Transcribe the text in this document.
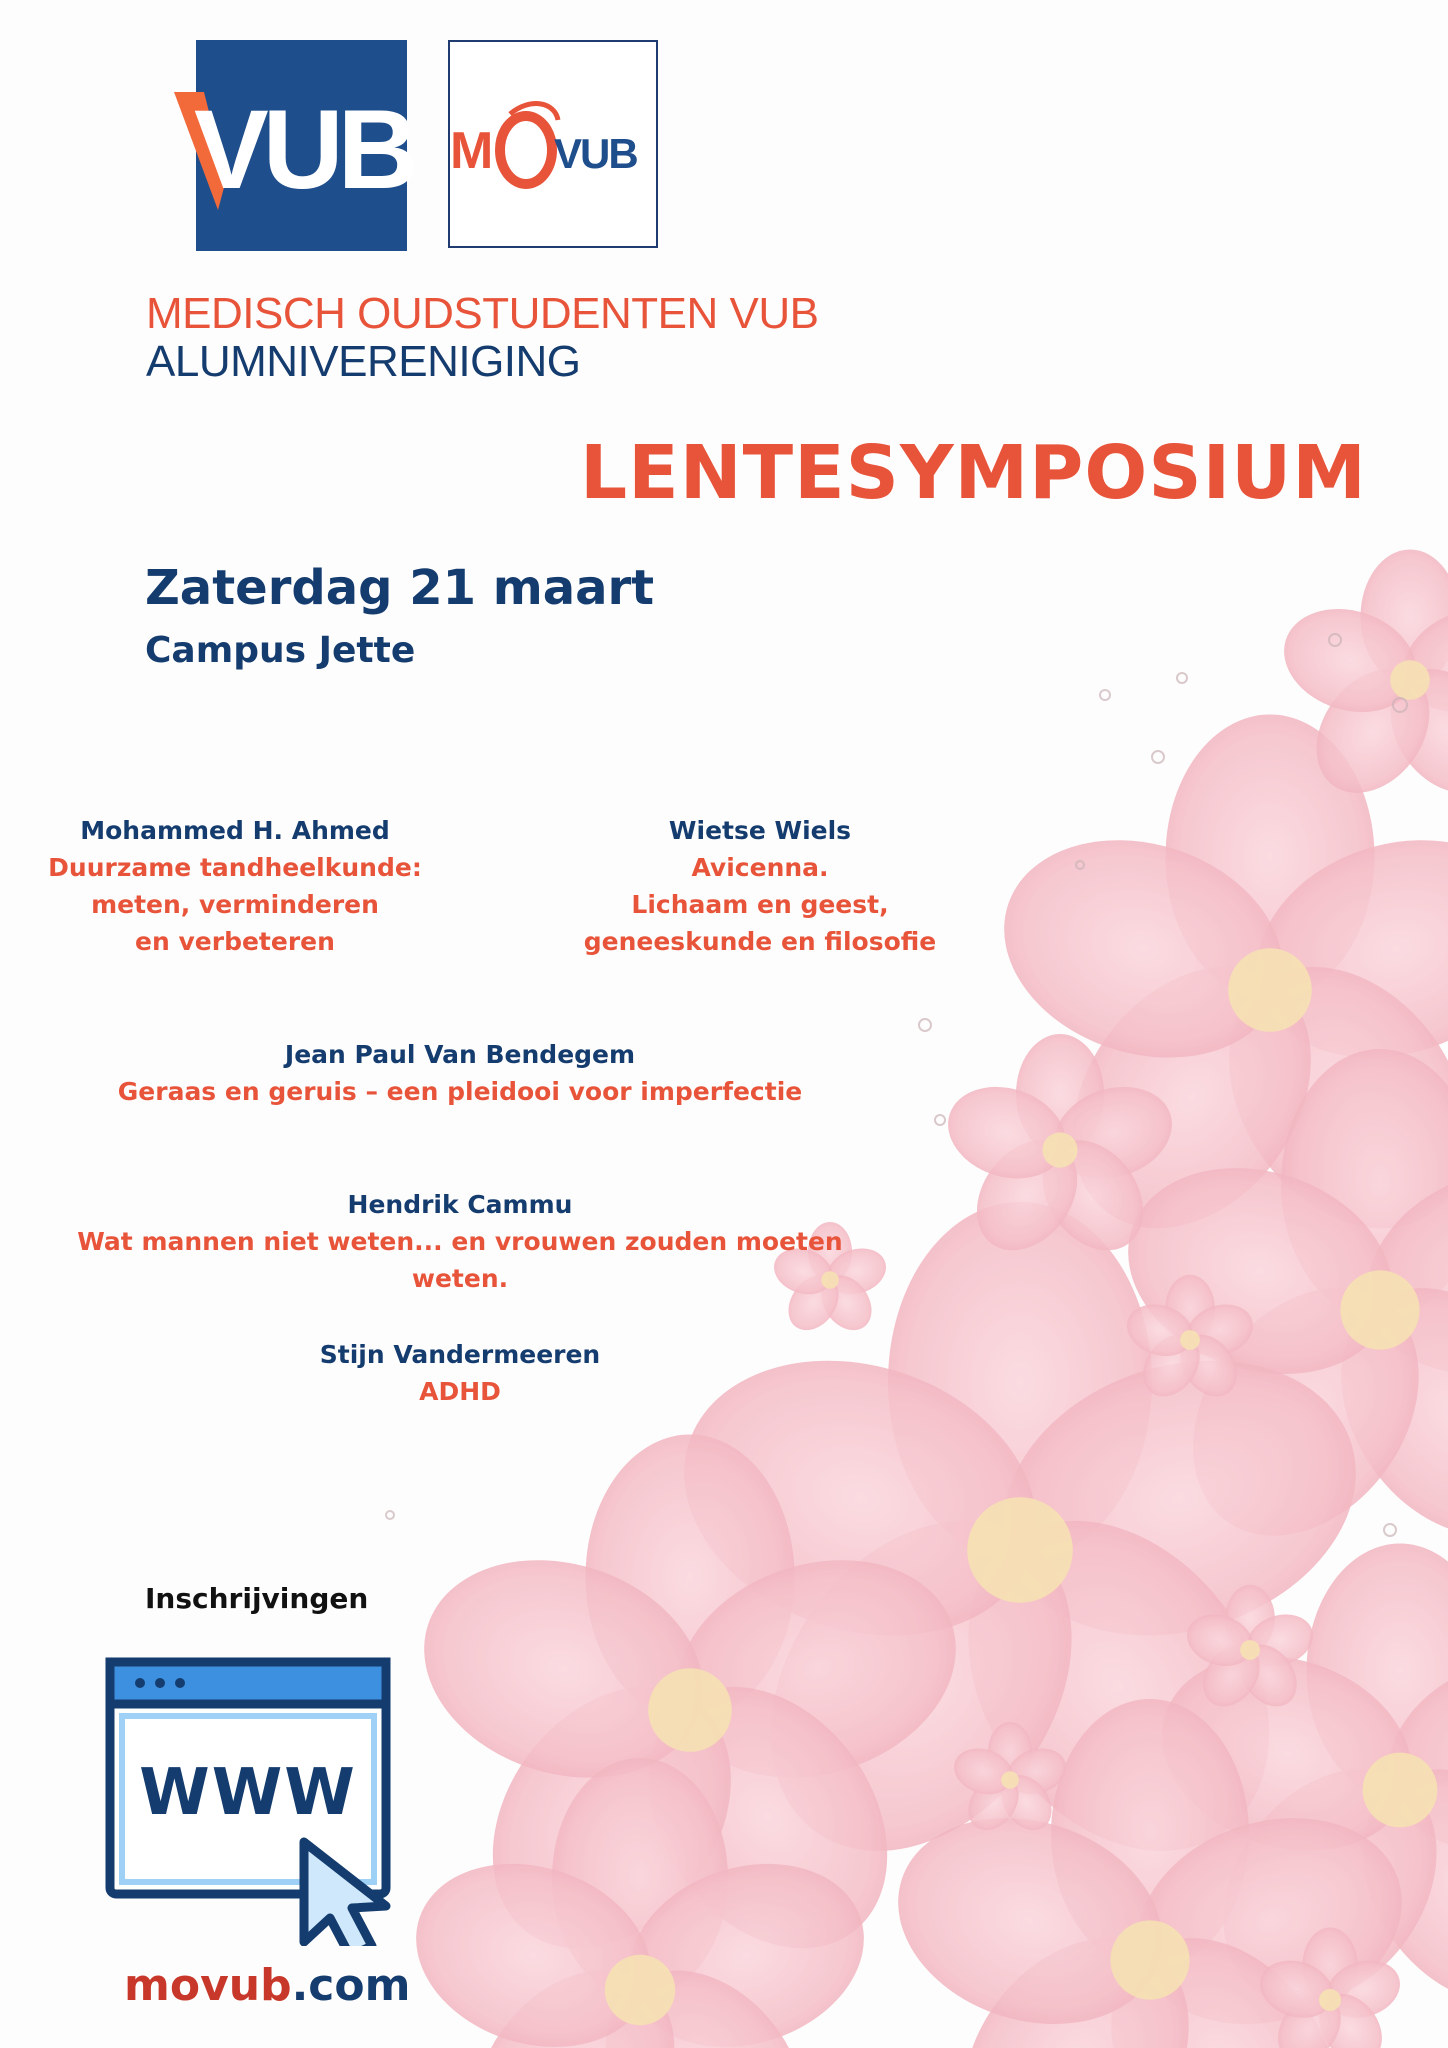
VUB M VUB
MEDISCH OUDSTUDENTEN VUB
ALUMNIVERENIGING
LENTESYMPOSIUM
Zaterdag 21 maart
Campus Jette
Mohammed H. Ahmed
Duurzame tandheelkunde:
meten, verminderen
en verbeteren
Wietse Wiels
Avicenna.
Lichaam en geest,
geneeskunde en filosofie
Jean Paul Van Bendegem
Geraas en geruis – een pleidooi voor imperfectie
Hendrik Cammu
Wat mannen niet weten... en vrouwen zouden moeten weten.
Stijn Vandermeeren
ADHD
Inschrijvingen
WWW
movub.com
